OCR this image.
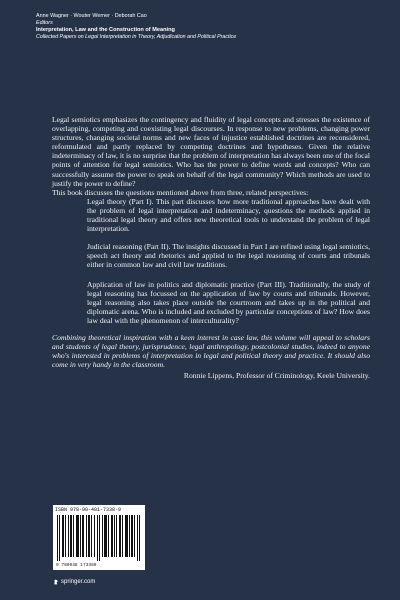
Anne Wagner · Wouter Werner · Deborah Cao
Editors
Interpretation, Law and the Construction of Meaning
Collected Papers on Legal Interpretation in Theory, Adjudication and Political Practice

Legal semiotics emphasizes the contingency and fluidity of legal concepts and stresses the existence of overlapping, competing and coexisting legal discourses. In response to new problems, changing power structures, changing societal norms and new faces of injustice established doctrines are reconsidered, reformulated and partly replaced by competing doctrines and hypotheses. Given the relative indeterminacy of law, it is no surprise that the problem of interpretation has always been one of the focal points of attention for legal semiotics. Who has the power to define words and concepts? Who can successfully assume the power to speak on behalf of the legal community? Which methods are used to justify the power to define?

This book discusses the questions mentioned above from three, related perspectives:

Legal theory (Part I). This part discusses how more traditional approaches have dealt with the problem of legal interpretation and indeterminacy, questions the methods applied in traditional legal theory and offers new theoretical tools to understand the problem of legal interpretation.

Judicial reasoning (Part II). The insights discussed in Part I are refined using legal semiotics, speech act theory and rhetorics and applied to the legal reasoning of courts and tribunals either in common law and civil law traditions.

Application of law in politics and diplomatic practice (Part III). Traditionally, the study of legal reasoning has focussed on the application of law by courts and tribunals. However, legal reasoning also takes place outside the courtroom and takes up in the political and diplomatic arena. Who is included and excluded by particular conceptions of law? How does law deal with the phenomenon of interculturality?

Combining theoretical inspiration with a keen interest in case law, this volume will appeal to scholars and students of legal theory, jurisprudence, legal anthropology, postcolonial studies, indeed to anyone who's interested in problems of interpretation in legal and political theory and practice. It should also come in very handy in the classroom.

Ronnie Lippens, Professor of Criminology, Keele University.

ISBN 978-90-481-7338-9
9 789048 173389
springer.com
